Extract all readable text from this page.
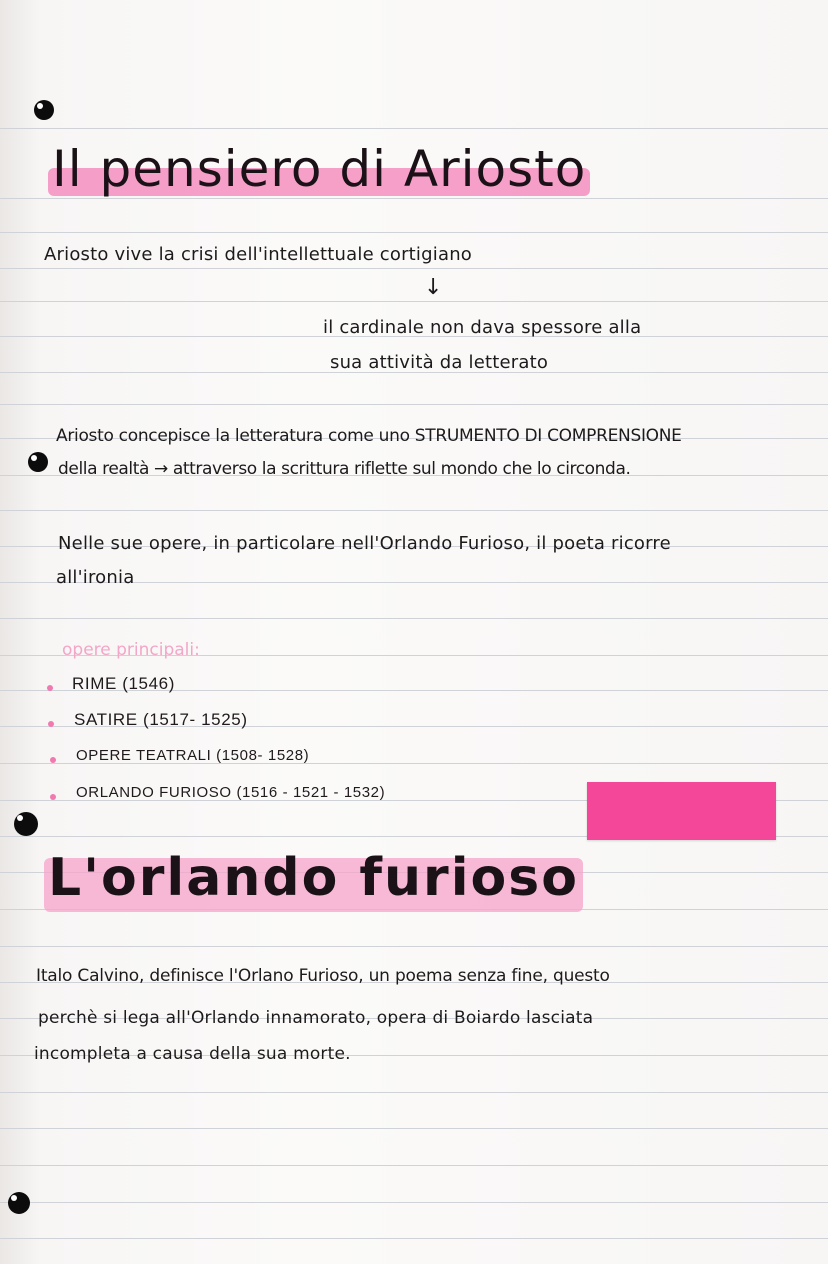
Il pensiero di Ariosto
Ariosto vive la crisi dell'intellettuale cortigiano
↓
il cardinale non dava spessore alla
sua attività da letterato
Ariosto concepisce la letteratura come uno STRUMENTO DI COMPRENSIONE
della realtà → attraverso la scrittura riflette sul mondo che lo circonda.
Nelle sue opere, in particolare nell'Orlando Furioso, il poeta ricorre
all'ironia
opere principali:
RIME (1546)
SATIRE (1517- 1525)
OPERE TEATRALI (1508- 1528)
ORLANDO FURIOSO (1516 - 1521 - 1532)
L'orlando furioso
Italo Calvino, definisce l'Orlano Furioso, un poema senza fine, questo
perchè si lega all'Orlando innamorato, opera di Boiardo lasciata
incompleta a causa della sua morte.
